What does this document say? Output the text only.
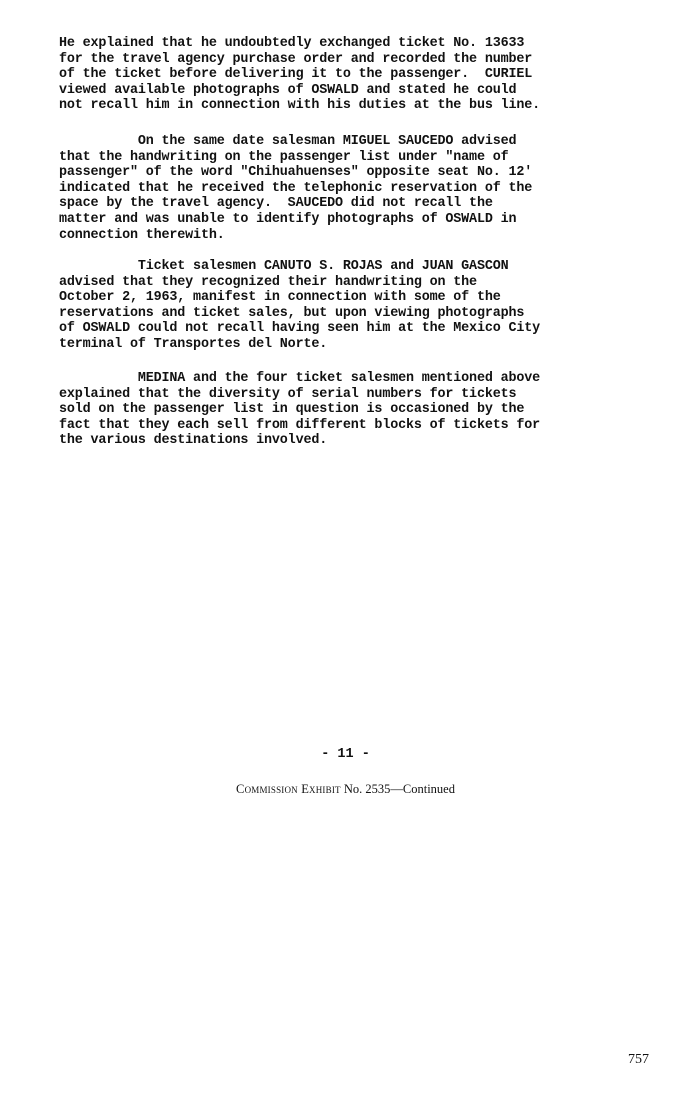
He explained that he undoubtedly exchanged ticket No. 13633
for the travel agency purchase order and recorded the number
of the ticket before delivering it to the passenger.  CURIEL
viewed available photographs of OSWALD and stated he could
not recall him in connection with his duties at the bus line.
On the same date salesman MIGUEL SAUCEDO advised
that the handwriting on the passenger list under "name of
passenger" of the word "Chihuahuenses" opposite seat No. 12'
indicated that he received the telephonic reservation of the
space by the travel agency.  SAUCEDO did not recall the
matter and was unable to identify photographs of OSWALD in
connection therewith.
Ticket salesmen CANUTO S. ROJAS and JUAN GASCON
advised that they recognized their handwriting on the
October 2, 1963, manifest in connection with some of the
reservations and ticket sales, but upon viewing photographs
of OSWALD could not recall having seen him at the Mexico City
terminal of Transportes del Norte.
MEDINA and the four ticket salesmen mentioned above
explained that the diversity of serial numbers for tickets
sold on the passenger list in question is occasioned by the
fact that they each sell from different blocks of tickets for
the various destinations involved.

- 11 -

Commission Exhibit No. 2535—Continued

757
